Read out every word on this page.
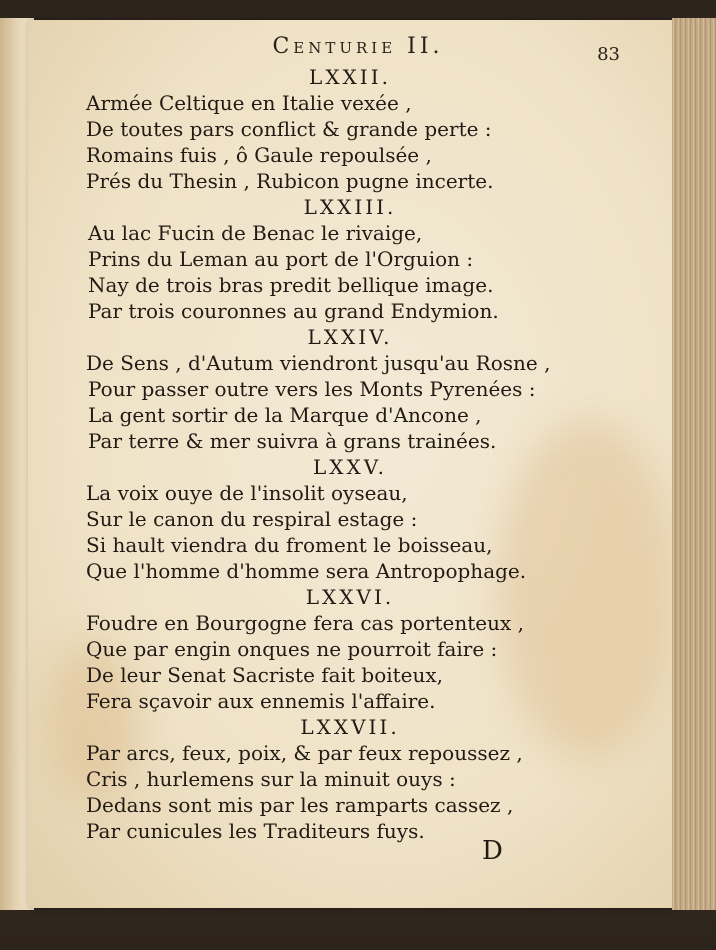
Centurie II.	83
LXXII.
Armée Celtique en Italie vexée ,
De toutes pars conflict & grande perte :
Romains fuis , ô Gaule repoulsée ,
Prés du Thesin , Rubicon pugne incerte.
LXXIII.
Au lac Fucin de Benac le rivaige,
Prins du Leman au port de l'Orguion :
Nay de trois bras predit bellique image.
Par trois couronnes au grand Endymion.
LXXIV.
De Sens , d'Autum viendront jusqu'au Rosne ,
Pour passer outre vers les Monts Pyrenées :
La gent sortir de la Marque d'Ancone ,
Par terre & mer suivra à grans trainées.
LXXV.
La voix ouye de l'insolit oyseau,
Sur le canon du respiral estage :
Si hault viendra du froment le boisseau,
Que l'homme d'homme sera Antropophage.
LXXVI.
Foudre en Bourgogne fera cas portenteux ,
Que par engin onques ne pourroit faire :
De leur Senat Sacriste fait boiteux,
Fera sçavoir aux ennemis l'affaire.
LXXVII.
Par arcs, feux, poix, & par feux repoussez ,
Cris , hurlemens sur la minuit ouys :
Dedans sont mis par les ramparts cassez ,
Par cunicules les Traditeurs fuys.
D
